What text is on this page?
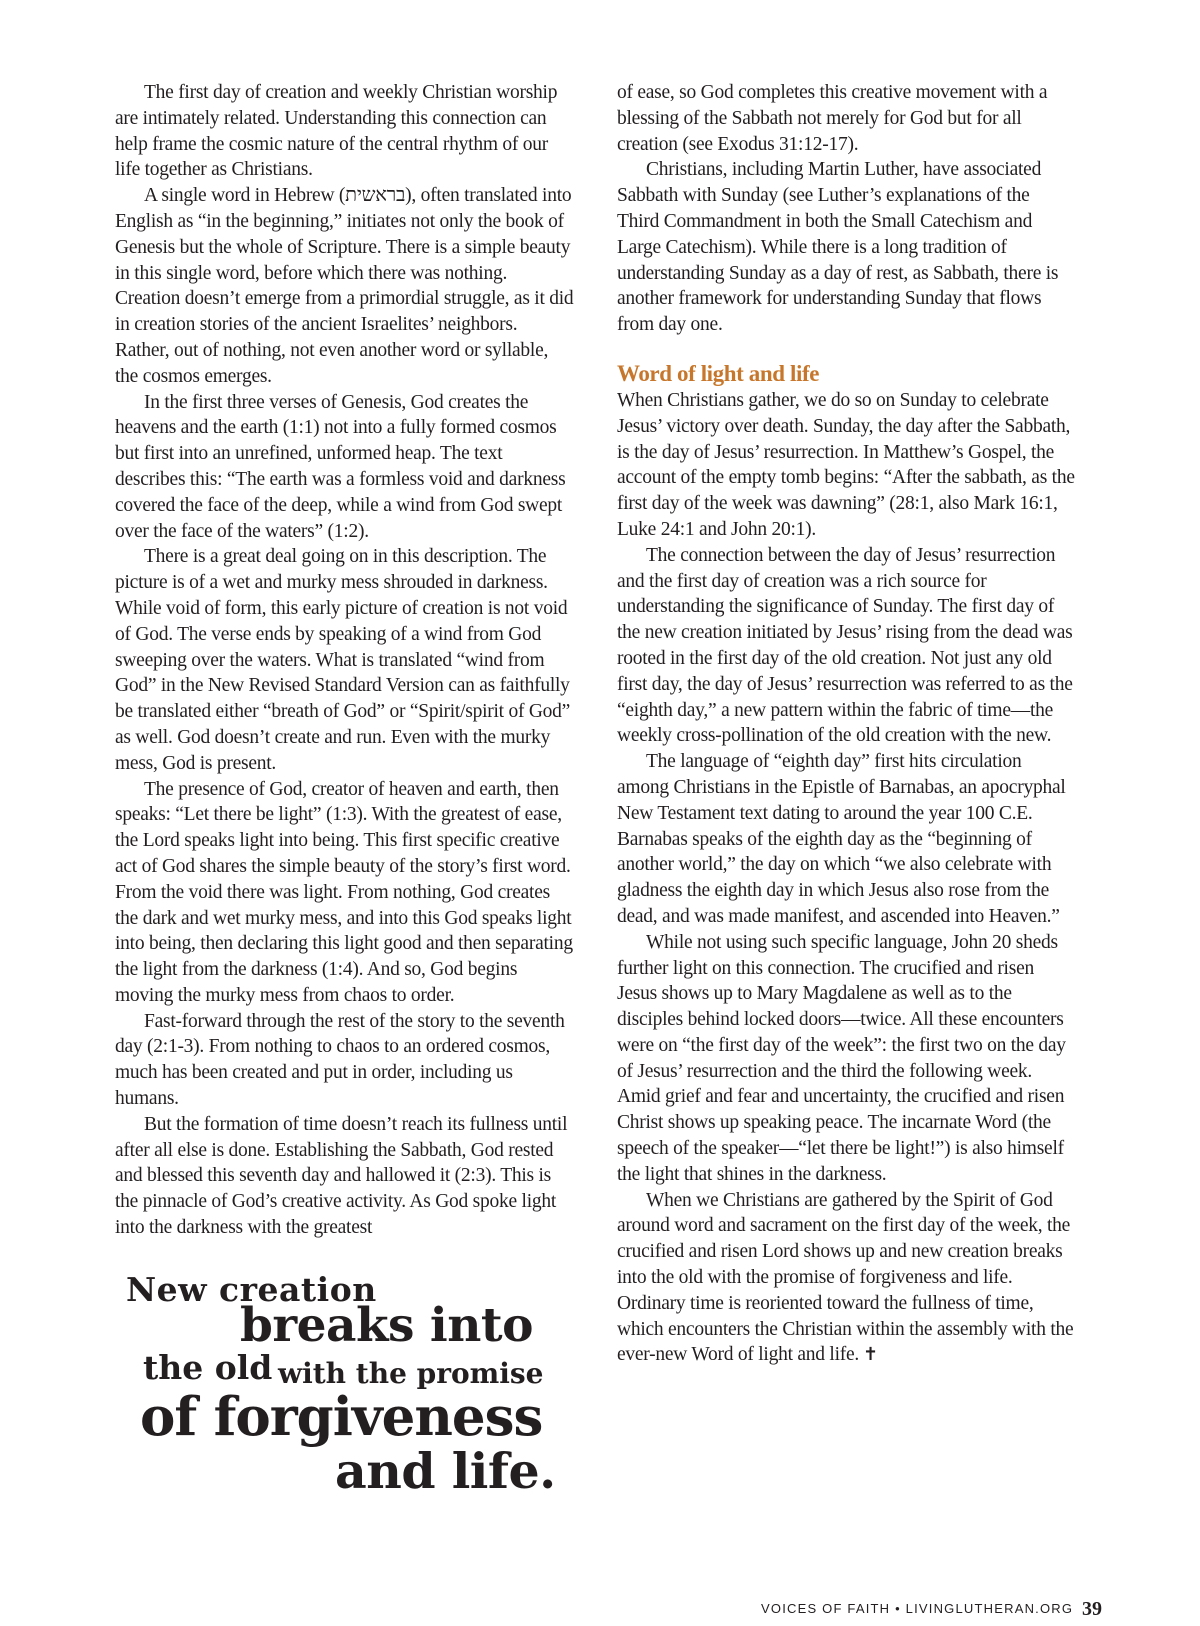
The first day of creation and weekly Christian worship are intimately related. Understanding this connection can help frame the cosmic nature of the central rhythm of our life together as Christians.

A single word in Hebrew (בראשית), often translated into English as “in the beginning,” initiates not only the book of Genesis but the whole of Scripture. There is a simple beauty in this single word, before which there was nothing. Creation doesn’t emerge from a primordial struggle, as it did in creation stories of the ancient Israelites’ neighbors. Rather, out of nothing, not even another word or syllable, the cosmos emerges.

In the first three verses of Genesis, God creates the heavens and the earth (1:1) not into a fully formed cosmos but first into an unrefined, unformed heap. The text describes this: “The earth was a formless void and darkness covered the face of the deep, while a wind from God swept over the face of the waters” (1:2).

There is a great deal going on in this description. The picture is of a wet and murky mess shrouded in darkness. While void of form, this early picture of creation is not void of God. The verse ends by speaking of a wind from God sweeping over the waters. What is translated “wind from God” in the New Revised Standard Version can as faithfully be translated either “breath of God” or “Spirit/spirit of God” as well. God doesn’t create and run. Even with the murky mess, God is present.

The presence of God, creator of heaven and earth, then speaks: “Let there be light” (1:3). With the greatest of ease, the Lord speaks light into being. This first specific creative act of God shares the simple beauty of the story’s first word. From the void there was light. From nothing, God creates the dark and wet murky mess, and into this God speaks light into being, then declaring this light good and then separating the light from the darkness (1:4). And so, God begins moving the murky mess from chaos to order.

Fast-forward through the rest of the story to the seventh day (2:1-3). From nothing to chaos to an ordered cosmos, much has been created and put in order, including us humans.

But the formation of time doesn’t reach its fullness until after all else is done. Establishing the Sabbath, God rested and blessed this seventh day and hallowed it (2:3). This is the pinnacle of God’s creative activity. As God spoke light into the darkness with the greatest

New creation
breaks into
the old with the promise
of forgiveness
and life.

of ease, so God completes this creative movement with a blessing of the Sabbath not merely for God but for all creation (see Exodus 31:12-17).

Christians, including Martin Luther, have associated Sabbath with Sunday (see Luther’s explanations of the Third Commandment in both the Small Catechism and Large Catechism). While there is a long tradition of understanding Sunday as a day of rest, as Sabbath, there is another framework for understanding Sunday that flows from day one.

Word of light and life

When Christians gather, we do so on Sunday to celebrate Jesus’ victory over death. Sunday, the day after the Sabbath, is the day of Jesus’ resurrection. In Matthew’s Gospel, the account of the empty tomb begins: “After the sabbath, as the first day of the week was dawning” (28:1, also Mark 16:1, Luke 24:1 and John 20:1).

The connection between the day of Jesus’ resurrection and the first day of creation was a rich source for understanding the significance of Sunday. The first day of the new creation initiated by Jesus’ rising from the dead was rooted in the first day of the old creation. Not just any old first day, the day of Jesus’ resurrection was referred to as the “eighth day,” a new pattern within the fabric of time—the weekly cross-pollination of the old creation with the new.

The language of “eighth day” first hits circulation among Christians in the Epistle of Barnabas, an apocryphal New Testament text dating to around the year 100 C.E. Barnabas speaks of the eighth day as the “beginning of another world,” the day on which “we also celebrate with gladness the eighth day in which Jesus also rose from the dead, and was made manifest, and ascended into Heaven.”

While not using such specific language, John 20 sheds further light on this connection. The crucified and risen Jesus shows up to Mary Magdalene as well as to the disciples behind locked doors—twice. All these encounters were on “the first day of the week”: the first two on the day of Jesus’ resurrection and the third the following week. Amid grief and fear and uncertainty, the crucified and risen Christ shows up speaking peace. The incarnate Word (the speech of the speaker—“let there be light!”) is also himself the light that shines in the darkness.

When we Christians are gathered by the Spirit of God around word and sacrament on the first day of the week, the crucified and risen Lord shows up and new creation breaks into the old with the promise of forgiveness and life. Ordinary time is reoriented toward the fullness of time, which encounters the Christian within the assembly with the ever-new Word of light and life. ✝

VOICES OF FAITH • LIVINGLUTHERAN.ORG 39
